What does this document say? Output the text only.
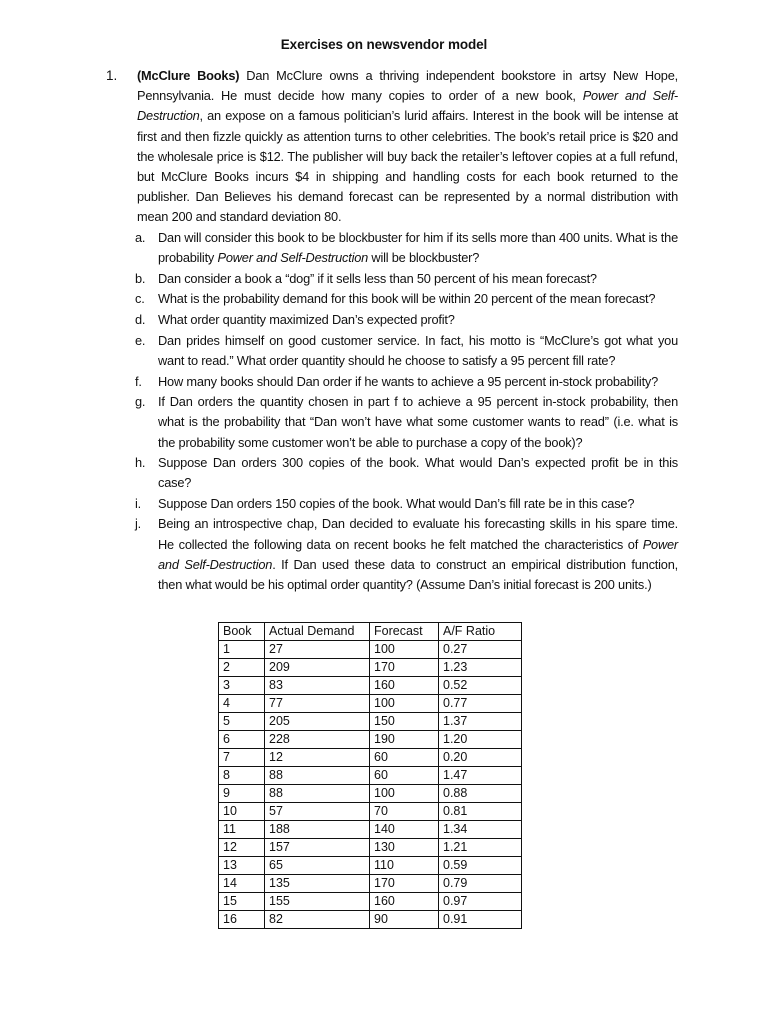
Exercises on newsvendor model
1. (McClure Books) Dan McClure owns a thriving independent bookstore in artsy New Hope, Pennsylvania. He must decide how many copies to order of a new book, Power and Self-Destruction, an expose on a famous politician’s lurid affairs. Interest in the book will be intense at first and then fizzle quickly as attention turns to other celebrities. The book’s retail price is $20 and the wholesale price is $12. The publisher will buy back the retailer’s leftover copies at a full refund, but McClure Books incurs $4 in shipping and handling costs for each book returned to the publisher. Dan Believes his demand forecast can be represented by a normal distribution with mean 200 and standard deviation 80.
a. Dan will consider this book to be blockbuster for him if its sells more than 400 units. What is the probability Power and Self-Destruction will be blockbuster?
b. Dan consider a book a “dog” if it sells less than 50 percent of his mean forecast?
c. What is the probability demand for this book will be within 20 percent of the mean forecast?
d. What order quantity maximized Dan’s expected profit?
e. Dan prides himself on good customer service. In fact, his motto is “McClure’s got what you want to read.” What order quantity should he choose to satisfy a 95 percent fill rate?
f. How many books should Dan order if he wants to achieve a 95 percent in-stock probability?
g. If Dan orders the quantity chosen in part f to achieve a 95 percent in-stock probability, then what is the probability that “Dan won’t have what some customer wants to read” (i.e. what is the probability some customer won’t be able to purchase a copy of the book)?
h. Suppose Dan orders 300 copies of the book. What would Dan’s expected profit be in this case?
i. Suppose Dan orders 150 copies of the book. What would Dan’s fill rate be in this case?
j. Being an introspective chap, Dan decided to evaluate his forecasting skills in his spare time. He collected the following data on recent books he felt matched the characteristics of Power and Self-Destruction. If Dan used these data to construct an empirical distribution function, then what would be his optimal order quantity? (Assume Dan’s initial forecast is 200 units.)
Book	Actual Demand	Forecast	A/F Ratio
1	27	100	0.27
2	209	170	1.23
3	83	160	0.52
4	77	100	0.77
5	205	150	1.37
6	228	190	1.20
7	12	60	0.20
8	88	60	1.47
9	88	100	0.88
10	57	70	0.81
11	188	140	1.34
12	157	130	1.21
13	65	110	0.59
14	135	170	0.79
15	155	160	0.97
16	82	90	0.91
